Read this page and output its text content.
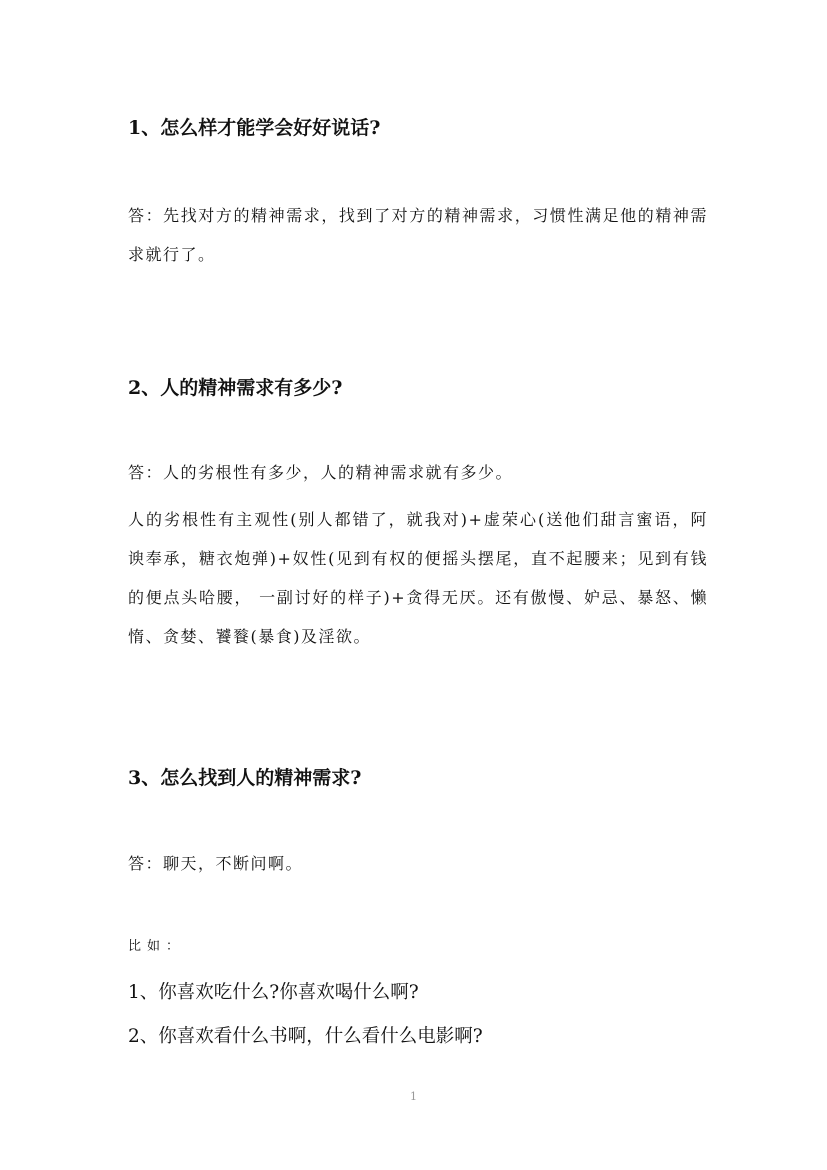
1、怎么样才能学会好好说话?

答：先找对方的精神需求，找到了对方的精神需求，习惯性满足他的精神需求就行了。

2、人的精神需求有多少?

答：人的劣根性有多少，人的精神需求就有多少。

人的劣根性有主观性(别人都错了，就我对)+虚荣心(送他们甜言蜜语，阿谀奉承，糖衣炮弹)+奴性(见到有权的便摇头摆尾，直不起腰来；见到有钱的便点头哈腰， 一副讨好的样子)+贪得无厌。还有傲慢、妒忌、暴怒、懒惰、贪婪、饕餮(暴食)及淫欲。

3、怎么找到人的精神需求?

答：聊天，不断问啊。

比如：

1、你喜欢吃什么?你喜欢喝什么啊?

2、你喜欢看什么书啊，什么看什么电影啊?

1
